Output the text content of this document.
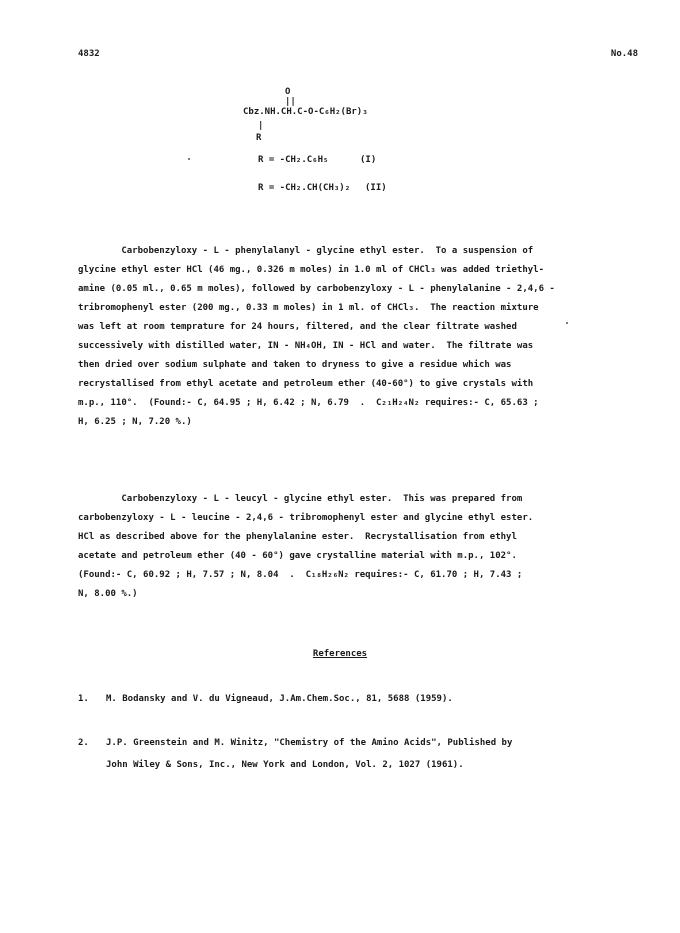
4832	No.48
O
||
Cbz.NH.CH.C-O-C₆H₂(Br)₃
|
R
R = -CH₂.C₆H₅	(I)
R = -CH₂.CH(CH₃)₂ (II)
Carbobenzyloxy - L - phenylalanyl - glycine ethyl ester.  To a suspension of
glycine ethyl ester HCl (46 mg., 0.326 m moles) in 1.0 ml of CHCl₃ was added triethyl-
amine (0.05 ml., 0.65 m moles), followed by carbobenzyloxy - L - phenylalanine - 2,4,6 -
tribromophenyl ester (200 mg., 0.33 m moles) in 1 ml. of CHCl₃.  The reaction mixture
was left at room temprature for 24 hours, filtered, and the clear filtrate washed
successively with distilled water, IN - NH₄OH, IN - HCl and water.  The filtrate was
then dried over sodium sulphate and taken to dryness to give a residue which was
recrystallised from ethyl acetate and petroleum ether (40-60°) to give crystals with
m.p., 110°.  (Found:- C, 64.95 ; H, 6.42 ; N, 6.79  .  C₂₁H₂₄N₂ requires:- C, 65.63 ;
H, 6.25 ; N, 7.20 %.)
Carbobenzyloxy - L - leucyl - glycine ethyl ester.  This was prepared from
carbobenzyloxy - L - leucine - 2,4,6 - tribromophenyl ester and glycine ethyl ester.
HCl as described above for the phenylalanine ester.  Recrystallisation from ethyl
acetate and petroleum ether (40 - 60°) gave crystalline material with m.p., 102°.
(Found:- C, 60.92 ; H, 7.57 ; N, 8.04  .  C₁₈H₂₆N₂ requires:- C, 61.70 ; H, 7.43 ;
N, 8.00 %.)
References
1. M. Bodansky and V. du Vigneaud, J.Am.Chem.Soc., 81, 5688 (1959).
2. J.P. Greenstein and M. Winitz, "Chemistry of the Amino Acids", Published by
John Wiley & Sons, Inc., New York and London, Vol. 2, 1027 (1961).
